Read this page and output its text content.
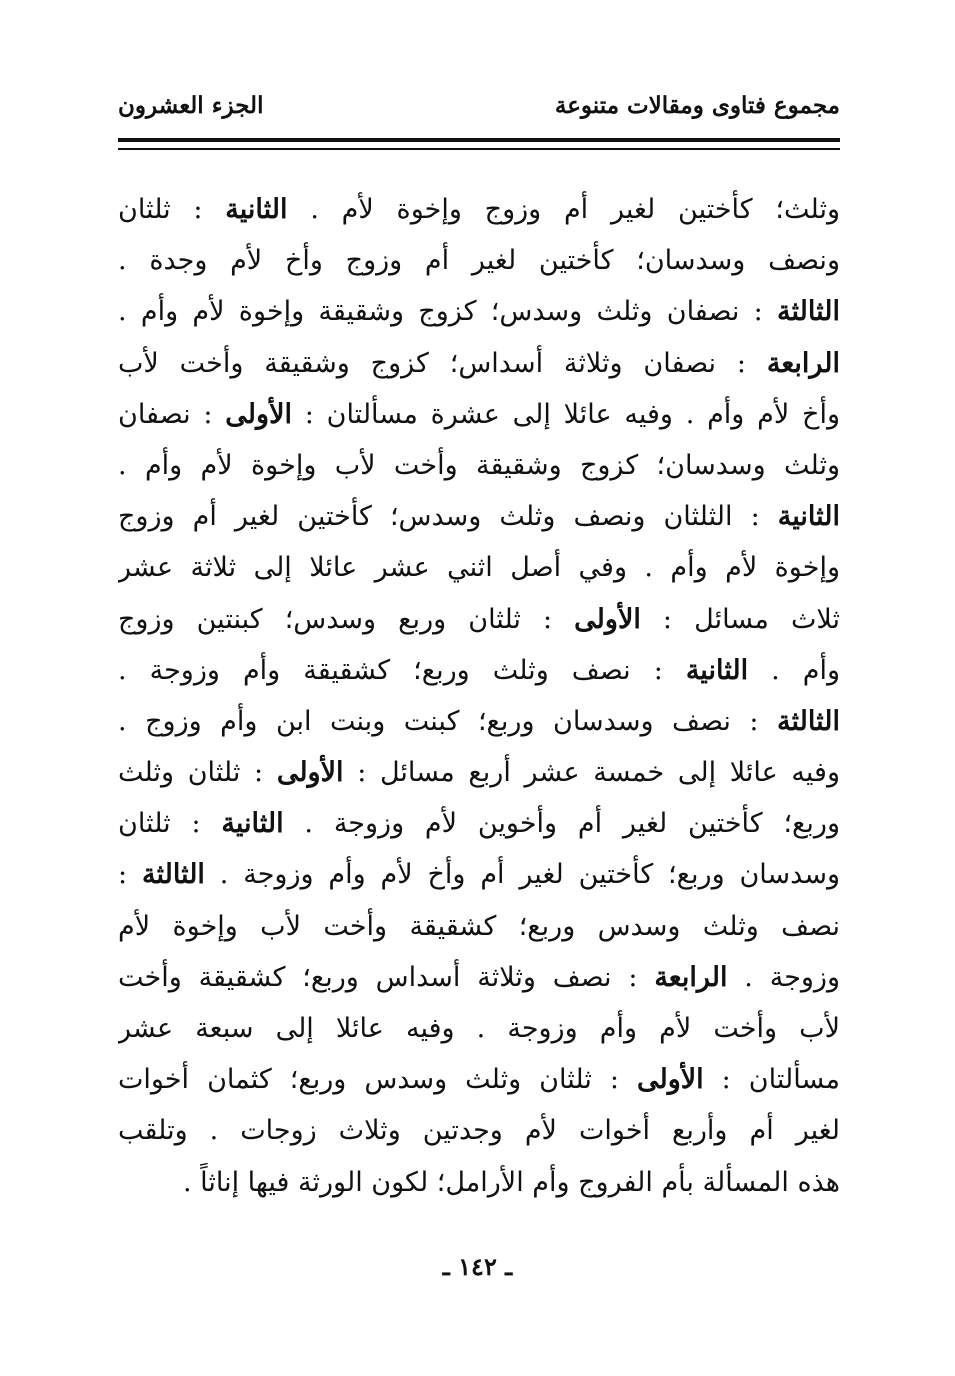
مجموع فتاوى ومقالات متنوعة
الجزء العشرون
وثلث؛ كأختين لغير أم وزوج وإخوة لأم . الثانية : ثلثان
ونصف وسدسان؛ كأختين لغير أم وزوج وأخ لأم وجدة .
الثالثة : نصفان وثلث وسدس؛ كزوج وشقيقة وإخوة لأم وأم .
الرابعة : نصفان وثلاثة أسداس؛ كزوج وشقيقة وأخت لأب
وأخ لأم وأم . وفيه عائلا إلى عشرة مسألتان : الأولى : نصفان
وثلث وسدسان؛ كزوج وشقيقة وأخت لأب وإخوة لأم وأم .
الثانية : الثلثان ونصف وثلث وسدس؛ كأختين لغير أم وزوج
وإخوة لأم وأم . وفي أصل اثني عشر عائلا إلى ثلاثة عشر
ثلاث مسائل : الأولى : ثلثان وربع وسدس؛ كبنتين وزوج
وأم . الثانية : نصف وثلث وربع؛ كشقيقة وأم وزوجة .
الثالثة : نصف وسدسان وربع؛ كبنت وبنت ابن وأم وزوج .
وفيه عائلا إلى خمسة عشر أربع مسائل : الأولى : ثلثان وثلث
وربع؛ كأختين لغير أم وأخوين لأم وزوجة . الثانية : ثلثان
وسدسان وربع؛ كأختين لغير أم وأخ لأم وأم وزوجة . الثالثة :
نصف وثلث وسدس وربع؛ كشقيقة وأخت لأب وإخوة لأم
وزوجة . الرابعة : نصف وثلاثة أسداس وربع؛ كشقيقة وأخت
لأب وأخت لأم وأم وزوجة . وفيه عائلا إلى سبعة عشر
مسألتان : الأولى : ثلثان وثلث وسدس وربع؛ كثمان أخوات
لغير أم وأربع أخوات لأم وجدتين وثلاث زوجات . وتلقب
هذه المسألة بأم الفروج وأم الأرامل؛ لكون الورثة فيها إناثاً .
ـ ١٤٢ ـ
